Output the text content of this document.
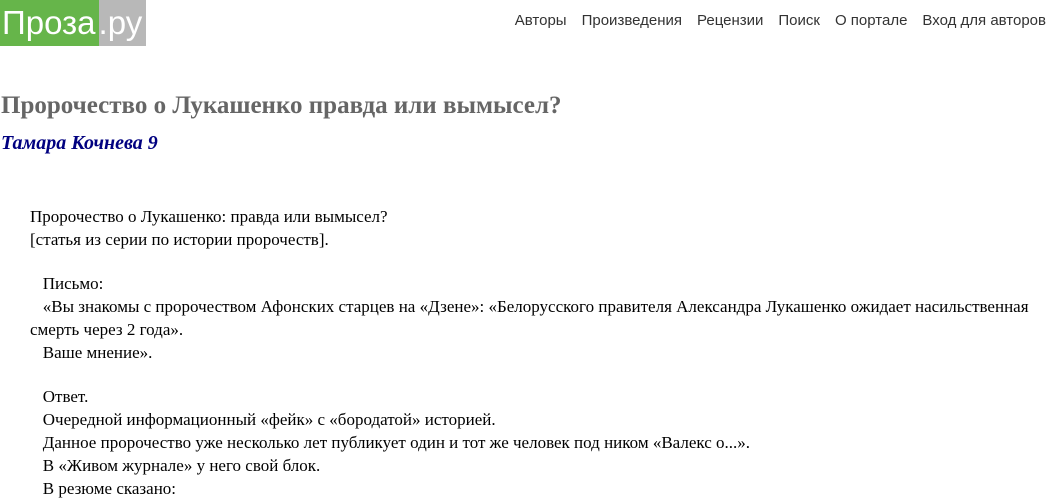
Проза .ру	Авторы Произведения Рецензии Поиск О портале Вход для авторов
Пророчество о Лукашенко правда или вымысел?
Тамара Кочнева 9
Пророчество о Лукашенко: правда или вымысел?
[статья из серии по истории пророчеств].
Письмо:
«Вы знакомы с пророчеством Афонских старцев на «Дзене»: «Белорусского правителя Александра Лукашенко ожидает насильственная смерть через 2 года».
Ваше мнение».
Ответ.
Очередной информационный «фейк» с «бородатой» историей.
Данное пророчество уже несколько лет публикует один и тот же человек под ником «Валекс о...».
В «Живом журнале» у него свой блок.
В резюме сказано:
